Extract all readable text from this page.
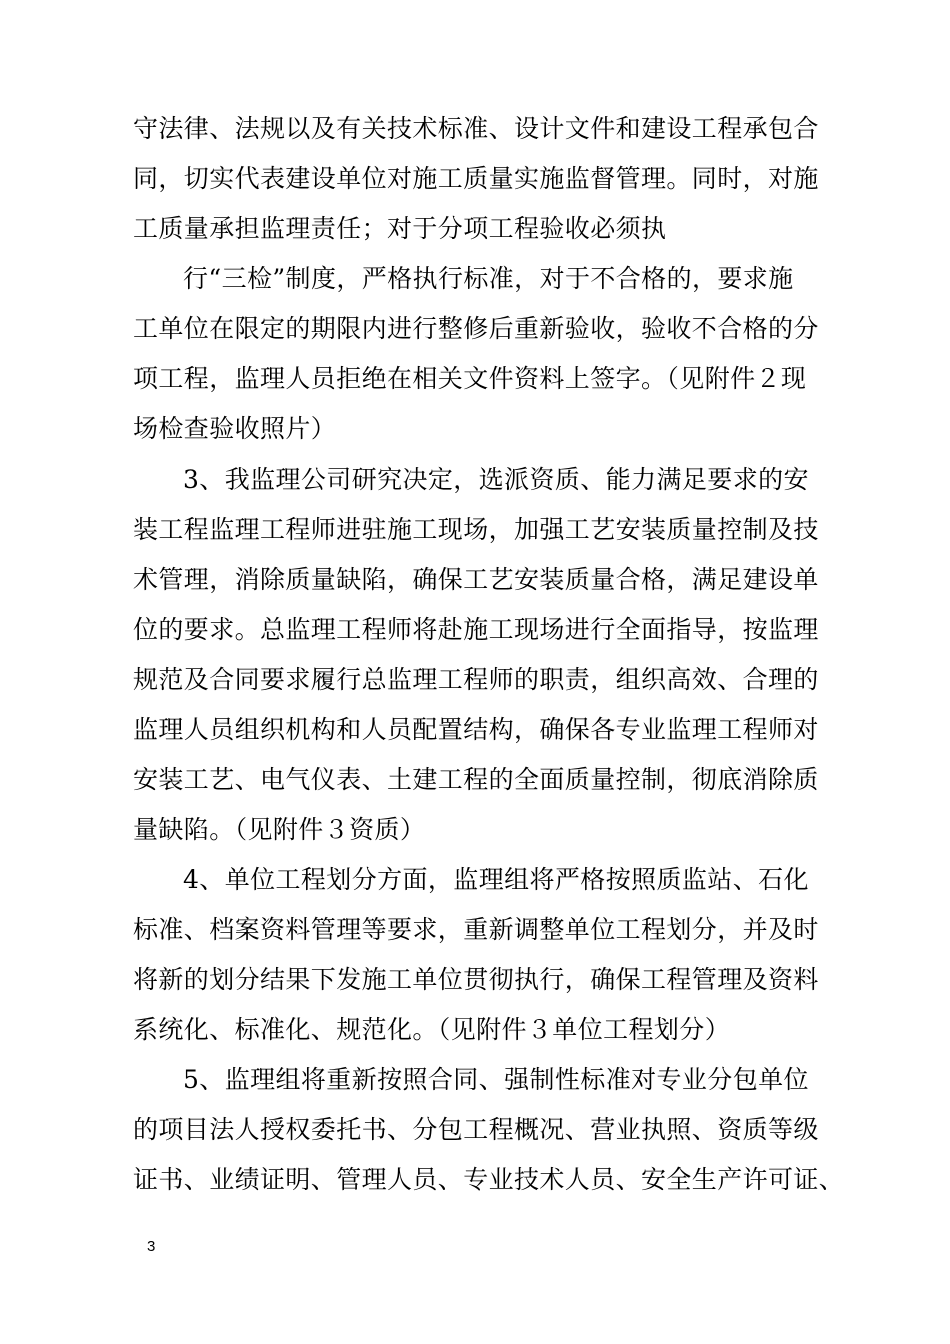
守法律、法规以及有关技术标准、设计文件和建设工程承包合
同，切实代表建设单位对施工质量实施监督管理。同时，对施
工质量承担监理责任；对于分项工程验收必须执
行“三检”制度，严格执行标准，对于不合格的，要求施
工单位在限定的期限内进行整修后重新验收，验收不合格的分
项工程，监理人员拒绝在相关文件资料上签字。（见附件２现
场检查验收照片）
3、我监理公司研究决定，选派资质、能力满足要求的安
装工程监理工程师进驻施工现场，加强工艺安装质量控制及技
术管理，消除质量缺陷，确保工艺安装质量合格，满足建设单
位的要求。总监理工程师将赴施工现场进行全面指导，按监理
规范及合同要求履行总监理工程师的职责，组织高效、合理的
监理人员组织机构和人员配置结构，确保各专业监理工程师对
安装工艺、电气仪表、土建工程的全面质量控制，彻底消除质
量缺陷。（见附件３资质）
4、单位工程划分方面，监理组将严格按照质监站、石化
标准、档案资料管理等要求，重新调整单位工程划分，并及时
将新的划分结果下发施工单位贯彻执行，确保工程管理及资料
系统化、标准化、规范化。（见附件３单位工程划分）
5、监理组将重新按照合同、强制性标准对专业分包单位
的项目法人授权委托书、分包工程概况、营业执照、资质等级
证书、业绩证明、管理人员、专业技术人员、安全生产许可证、
3
